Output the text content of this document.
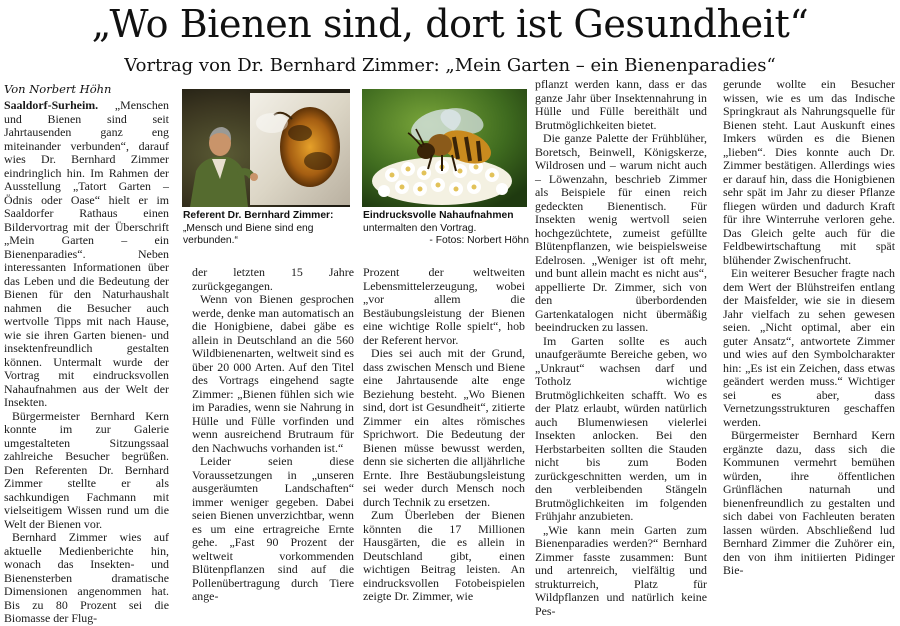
„Wo Bienen sind, dort ist Gesundheit“
Vortrag von Dr. Bernhard Zimmer: „Mein Garten – ein Bienenparadies“
Von Norbert Höhn

Saaldorf-Surheim. „Menschen und Bienen sind seit Jahrtausenden ganz eng miteinander verbunden“, darauf wies Dr. Bernhard Zimmer eindringlich hin. Im Rahmen der Ausstellung „Tatort Garten – Ödnis oder Oase“ hielt er im Saaldorfer Rathaus einen Bildervortrag mit der Überschrift „Mein Garten – ein Bienenparadies“. Neben interessanten Informationen über das Leben und die Bedeutung der Bienen für den Naturhaushalt nahmen die Besucher auch wertvolle Tipps mit nach Hause, wie sie ihren Garten bienen- und insektenfreundlich gestalten können. Untermalt wurde der Vortrag mit eindrucksvollen Nahaufnahmen aus der Welt der Insekten.

Bürgermeister Bernhard Kern konnte im zur Galerie umgestalteten Sitzungssaal zahlreiche Besucher begrüßen. Den Referenten Dr. Bernhard Zimmer stellte er als sachkundigen Fachmann mit vielseitigem Wissen rund um die Welt der Bienen vor.

Bernhard Zimmer wies auf aktuelle Medienberichte hin, wonach das Insekten- und Bienensterben dramatische Dimensionen angenommen hat. Bis zu 80 Prozent sei die Biomasse der Flug-

Referent Dr. Bernhard Zimmer: „Mensch und Biene sind eng verbunden.“
Eindrucksvolle Nahaufnahmen untermalten den Vortrag.
- Fotos: Norbert Höhn

der letzten 15 Jahre zurückgegangen.

Wenn von Bienen gesprochen werde, denke man automatisch an die Honigbiene, dabei gäbe es allein in Deutschland an die 560 Wildbienenarten, weltweit sind es über 20 000 Arten. Auf den Titel des Vortrags eingehend sagte Zimmer: „Bienen fühlen sich wie im Paradies, wenn sie Nahrung in Hülle und Fülle vorfinden und wenn ausreichend Brutraum für den Nachwuchs vorhanden ist.“

Leider seien diese Voraussetzungen in „unseren ausgeräumten Landschaften“ immer weniger gegeben. Dabei seien Bienen unverzichtbar, wenn es um eine ertragreiche Ernte gehe. „Fast 90 Prozent der weltweit vorkommenden Blütenpflanzen sind auf die Pollenübertragung durch Tiere ange-

Prozent der weltweiten Lebensmittelerzeugung, wobei „vor allem die Bestäubungsleistung der Bienen eine wichtige Rolle spielt“, hob der Referent hervor.

Dies sei auch mit der Grund, dass zwischen Mensch und Biene eine Jahrtausende alte enge Beziehung besteht. „Wo Bienen sind, dort ist Gesundheit“, zitierte Zimmer ein altes römisches Sprichwort. Die Bedeutung der Bienen müsse bewusst werden, denn sie sicherten die alljährliche Ernte. Ihre Bestäubungsleistung sei weder durch Mensch noch durch Technik zu ersetzen.

Zum Überleben der Bienen könnten die 17 Millionen Hausgärten, die es allein in Deutschland gibt, einen wichtigen Beitrag leisten. An eindrucksvollen Fotobeispielen zeigte Dr. Zimmer, wie

pflanzt werden kann, dass er das ganze Jahr über Insektennahrung in Hülle und Fülle bereithält und Brutmöglichkeiten bietet.

Die ganze Palette der Frühblüher, Boretsch, Beinwell, Königskerze, Wildrosen und – warum nicht auch – Löwenzahn, beschrieb Zimmer als Beispiele für einen reich gedeckten Bienentisch. Für Insekten wenig wertvoll seien hochgezüchtete, zumeist gefüllte Blütenpflanzen, wie beispielsweise Edelrosen. „Weniger ist oft mehr, und bunt allein macht es nicht aus“, appellierte Dr. Zimmer, sich von den überbordenden Gartenkatalogen nicht übermäßig beeindrucken zu lassen.

Im Garten sollte es auch unaufgeräumte Bereiche geben, wo „Unkraut“ wachsen darf und Totholz wichtige Brutmöglichkeiten schafft. Wo es der Platz erlaubt, würden natürlich auch Blumenwiesen vielerlei Insekten anlocken. Bei den Herbstarbeiten sollten die Stauden nicht bis zum Boden zurückgeschnitten werden, um in den verbleibenden Stängeln Brutmöglichkeiten im folgenden Frühjahr anzubieten.

„Wie kann mein Garten zum Bienenparadies werden?“ Bernhard Zimmer fasste zusammen: Bunt und artenreich, vielfältig und strukturreich, Platz für Wildpflanzen und natürlich keine Pes-

gerunde wollte ein Besucher wissen, wie es um das Indische Springkraut als Nahrungsquelle für Bienen steht. Laut Auskunft eines Imkers würden es die Bienen „lieben“. Dies konnte auch Dr. Zimmer bestätigen. Allerdings wies er darauf hin, dass die Honigbienen sehr spät im Jahr zu dieser Pflanze fliegen würden und dadurch Kraft für ihre Winterruhe verloren gehe. Das Gleich gelte auch für die Feldbewirtschaftung mit spät blühender Zwischenfrucht.

Ein weiterer Besucher fragte nach dem Wert der Blühstreifen entlang der Maisfelder, wie sie in diesem Jahr vielfach zu sehen gewesen seien. „Nicht optimal, aber ein guter Ansatz“, antwortete Zimmer und wies auf den Symbolcharakter hin: „Es ist ein Zeichen, dass etwas geändert werden muss.“ Wichtiger sei es aber, dass Vernetzungsstrukturen geschaffen werden.

Bürgermeister Bernhard Kern ergänzte dazu, dass sich die Kommunen vermehrt bemühen würden, ihre öffentlichen Grünflächen naturnah und bienenfreundlich zu gestalten und sich dabei von Fachleuten beraten lassen würden. Abschließend lud Bernhard Zimmer die Zuhörer ein, den von ihm initiierten Pidinger Bie-
